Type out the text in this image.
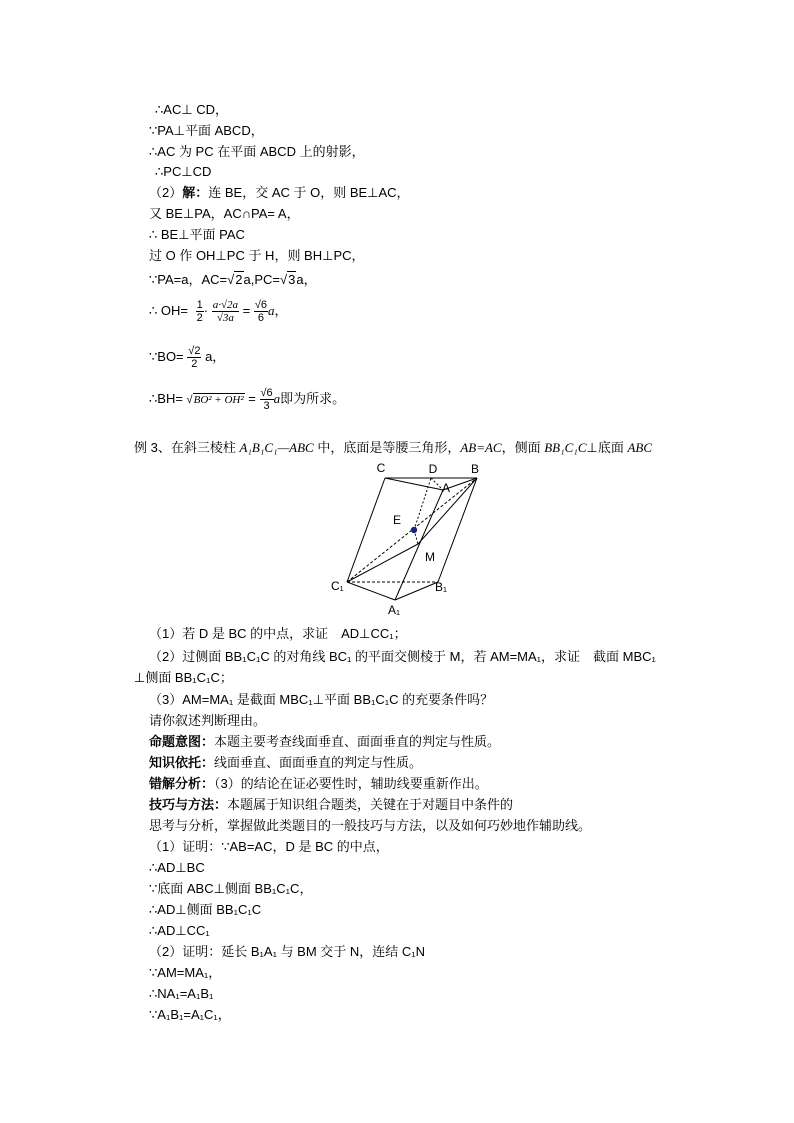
∴AC⊥ CD，
∵PA⊥平面 ABCD，
∴AC 为 PC 在平面 ABCD 上的射影，
∴PC⊥CD
（2）解：连 BE，交 AC 于 O，则 BE⊥AC，
又 BE⊥PA，AC∩PA= A，
∴ BE⊥平面 PAC
过 O 作 OH⊥PC 于 H，则 BH⊥PC，
∵PA=a，AC=√2a,PC=√3a，
∴ $OH= \frac{1}{2} \cdot \frac{a\cdot√2a}{√3a} = \frac{√6}{6}$ a，
∵BO= $\frac{√2}{2}$ a，
∴BH= $√BO^2 + OH^2 = \frac{√6}{3}$ a即为所求。
例 3、在斜三棱柱 A₁B₁C₁—ABC 中，底面是等腰三角形，AB=AC，侧面 BB₁C₁C⊥底面 ABC
C	D	B
A
E
M
C₁	B₁
A₁
（1）若 D 是 BC 的中点，求证　AD⊥CC₁；
（2）过侧面 BB₁C₁C 的对角线 BC₁ 的平面交侧棱于 M，若 AM=MA₁，求证　截面 MBC₁
⊥侧面 BB₁C₁C；
（3）AM=MA₁ 是截面 MBC₁⊥平面 BB₁C₁C 的充要条件吗？
请你叙述判断理由。
命题意图：本题主要考查线面垂直、面面垂直的判定与性质。
知识依托：线面垂直、面面垂直的判定与性质。
错解分析：（3）的结论在证必要性时，辅助线要重新作出。
技巧与方法：本题属于知识组合题类，关键在于对题目中条件的
思考与分析，掌握做此类题目的一般技巧与方法，以及如何巧妙地作辅助线。
（1）证明：∵AB=AC，D 是 BC 的中点，
∴AD⊥BC
∵底面 ABC⊥侧面 BB₁C₁C，
∴AD⊥侧面 BB₁C₁C
∴AD⊥CC₁
（2）证明：延长 B₁A₁ 与 BM 交于 N，连结 C₁N
∵AM=MA₁，
∴NA₁=A₁B₁
∵A₁B₁=A₁C₁，
